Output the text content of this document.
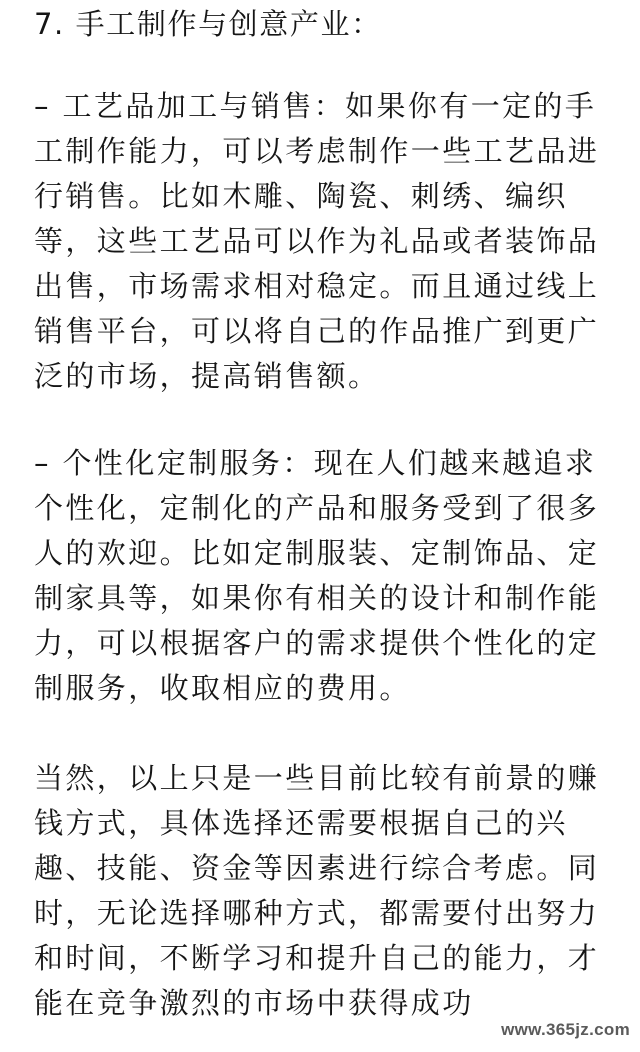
7. 手工制作与创意产业：
– 工艺品加工与销售：如果你有一定的手
工制作能力，可以考虑制作一些工艺品进
行销售。比如木雕、陶瓷、刺绣、编织
等，这些工艺品可以作为礼品或者装饰品
出售，市场需求相对稳定。而且通过线上
销售平台，可以将自己的作品推广到更广
泛的市场，提高销售额。
– 个性化定制服务：现在人们越来越追求
个性化，定制化的产品和服务受到了很多
人的欢迎。比如定制服装、定制饰品、定
制家具等，如果你有相关的设计和制作能
力，可以根据客户的需求提供个性化的定
制服务，收取相应的费用。
当然，以上只是一些目前比较有前景的赚
钱方式，具体选择还需要根据自己的兴
趣、技能、资金等因素进行综合考虑。同
时，无论选择哪种方式，都需要付出努力
和时间，不断学习和提升自己的能力，才
能在竞争激烈的市场中获得成功
www.365jz.com
